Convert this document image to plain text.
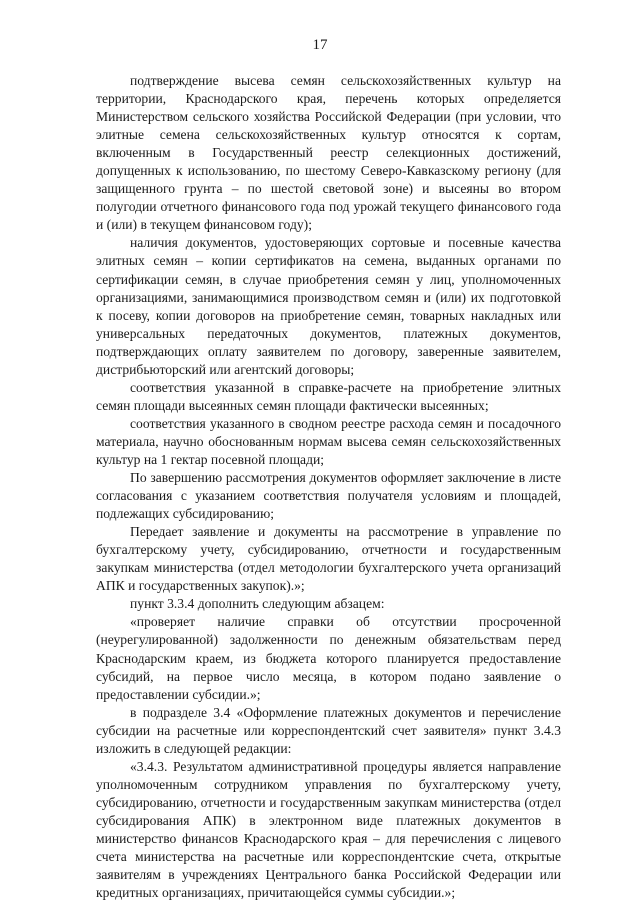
17

подтверждение высева семян сельскохозяйственных культур на территории, Краснодарского края, перечень которых определяется Министерством сельского хозяйства Российской Федерации (при условии, что элитные семена сельскохозяйственных культур относятся к сортам, включенным в Государственный реестр селекционных достижений, допущенных к использованию, по шестому Северо-Кавказскому региону (для защищенного грунта – по шестой световой зоне) и высеяны во втором полугодии отчетного финансового года под урожай текущего финансового года и (или) в текущем финансовом году);

наличия документов, удостоверяющих сортовые и посевные качества элитных семян – копии сертификатов на семена, выданных органами по сертификации семян, в случае приобретения семян у лиц, уполномоченных организациями, занимающимися производством семян и (или) их подготовкой к посеву, копии договоров на приобретение семян, товарных накладных или универсальных передаточных документов, платежных документов, подтверждающих оплату заявителем по договору, заверенные заявителем, дистрибьюторский или агентский договоры;

соответствия указанной в справке-расчете на приобретение элитных семян площади высеянных семян площади фактически высеянных;

соответствия указанного в сводном реестре расхода семян и посадочного материала, научно обоснованным нормам высева семян сельскохозяйственных культур на 1 гектар посевной площади;

По завершению рассмотрения документов оформляет заключение в листе согласования с указанием соответствия получателя условиям и площадей, подлежащих субсидированию;

Передает заявление и документы на рассмотрение в управление по бухгалтерскому учету, субсидированию, отчетности и государственным закупкам министерства (отдел методологии бухгалтерского учета организаций АПК и государственных закупок).»;

пункт 3.3.4 дополнить следующим абзацем:

«проверяет наличие справки об отсутствии просроченной (неурегулированной) задолженности по денежным обязательствам перед Краснодарским краем, из бюджета которого планируется предоставление субсидий, на первое число месяца, в котором подано заявление о предоставлении субсидии.»;

в подразделе 3.4 «Оформление платежных документов и перечисление субсидии на расчетные или корреспондентский счет заявителя» пункт 3.4.3 изложить в следующей редакции:

«3.4.3. Результатом административной процедуры является направление уполномоченным сотрудником управления по бухгалтерскому учету, субсидированию, отчетности и государственным закупкам министерства (отдел субсидирования АПК) в электронном виде платежных документов в министерство финансов Краснодарского края – для перечисления с лицевого счета министерства на расчетные или корреспондентские счета, открытые заявителям в учреждениях Центрального банка Российской Федерации или кредитных организациях, причитающейся суммы субсидии.»;
